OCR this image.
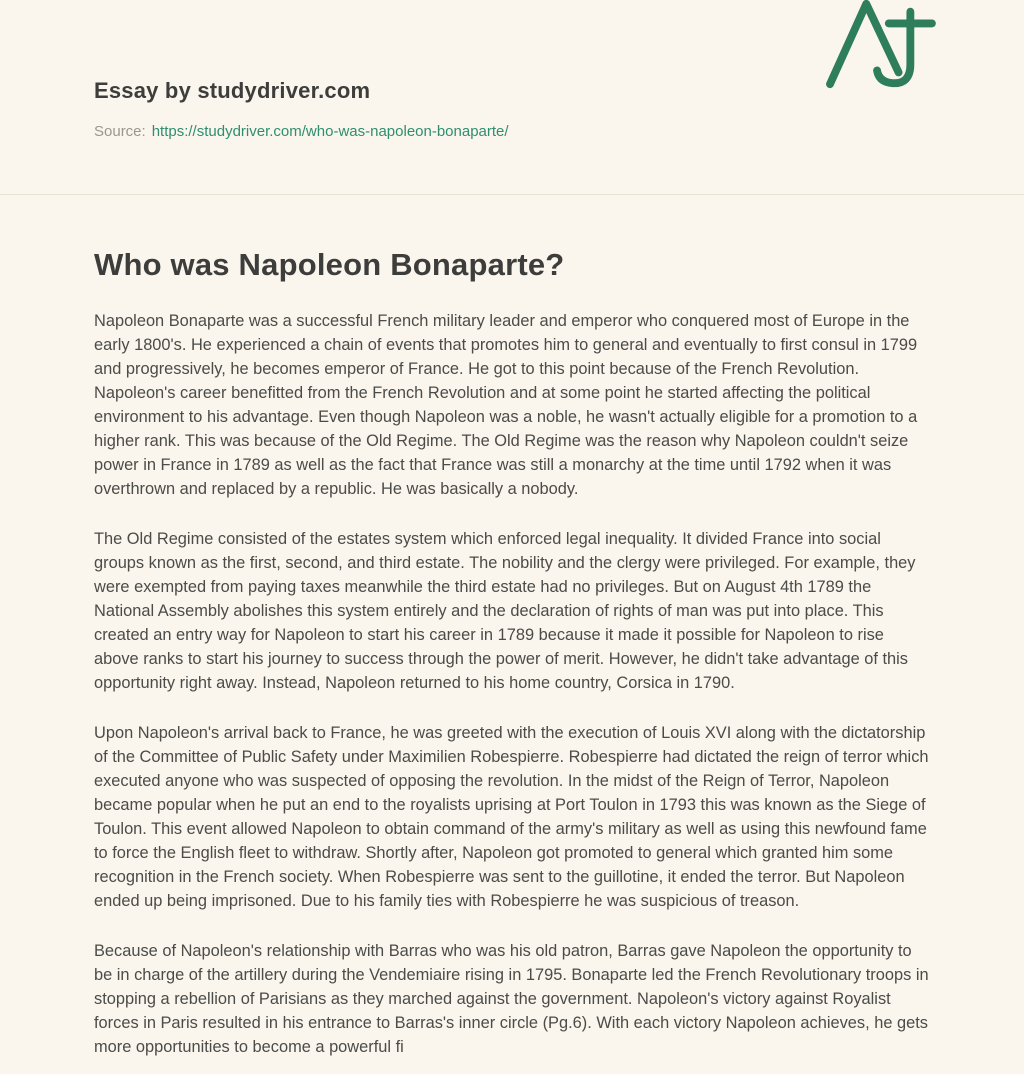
Essay by studydriver.com
Source: https://studydriver.com/who-was-napoleon-bonaparte/
Who was Napoleon Bonaparte?

Napoleon Bonaparte was a successful French military leader and emperor who conquered most of Europe in the early 1800's. He experienced a chain of events that promotes him to general and eventually to first consul in 1799 and progressively, he becomes emperor of France. He got to this point because of the French Revolution. Napoleon's career benefitted from the French Revolution and at some point he started affecting the political environment to his advantage. Even though Napoleon was a noble, he wasn't actually eligible for a promotion to a higher rank. This was because of the Old Regime. The Old Regime was the reason why Napoleon couldn't seize power in France in 1789 as well as the fact that France was still a monarchy at the time until 1792 when it was overthrown and replaced by a republic. He was basically a nobody.

The Old Regime consisted of the estates system which enforced legal inequality. It divided France into social groups known as the first, second, and third estate. The nobility and the clergy were privileged. For example, they were exempted from paying taxes meanwhile the third estate had no privileges. But on August 4th 1789 the National Assembly abolishes this system entirely and the declaration of rights of man was put into place. This created an entry way for Napoleon to start his career in 1789 because it made it possible for Napoleon to rise above ranks to start his journey to success through the power of merit. However, he didn't take advantage of this opportunity right away. Instead, Napoleon returned to his home country, Corsica in 1790.

Upon Napoleon's arrival back to France, he was greeted with the execution of Louis XVI along with the dictatorship of the Committee of Public Safety under Maximilien Robespierre. Robespierre had dictated the reign of terror which executed anyone who was suspected of opposing the revolution. In the midst of the Reign of Terror, Napoleon became popular when he put an end to the royalists uprising at Port Toulon in 1793 this was known as the Siege of Toulon. This event allowed Napoleon to obtain command of the army's military as well as using this newfound fame to force the English fleet to withdraw. Shortly after, Napoleon got promoted to general which granted him some recognition in the French society. When Robespierre was sent to the guillotine, it ended the terror. But Napoleon ended up being imprisoned. Due to his family ties with Robespierre he was suspicious of treason.

Because of Napoleon's relationship with Barras who was his old patron, Barras gave Napoleon the opportunity to be in charge of the artillery during the Vendemiaire rising in 1795. Bonaparte led the French Revolutionary troops in stopping a rebellion of Parisians as they marched against the government. Napoleon's victory against Royalist forces in Paris resulted in his entrance to Barras's inner circle (Pg.6). With each victory Napoleon achieves, he gets more opportunities to become a powerful fi
